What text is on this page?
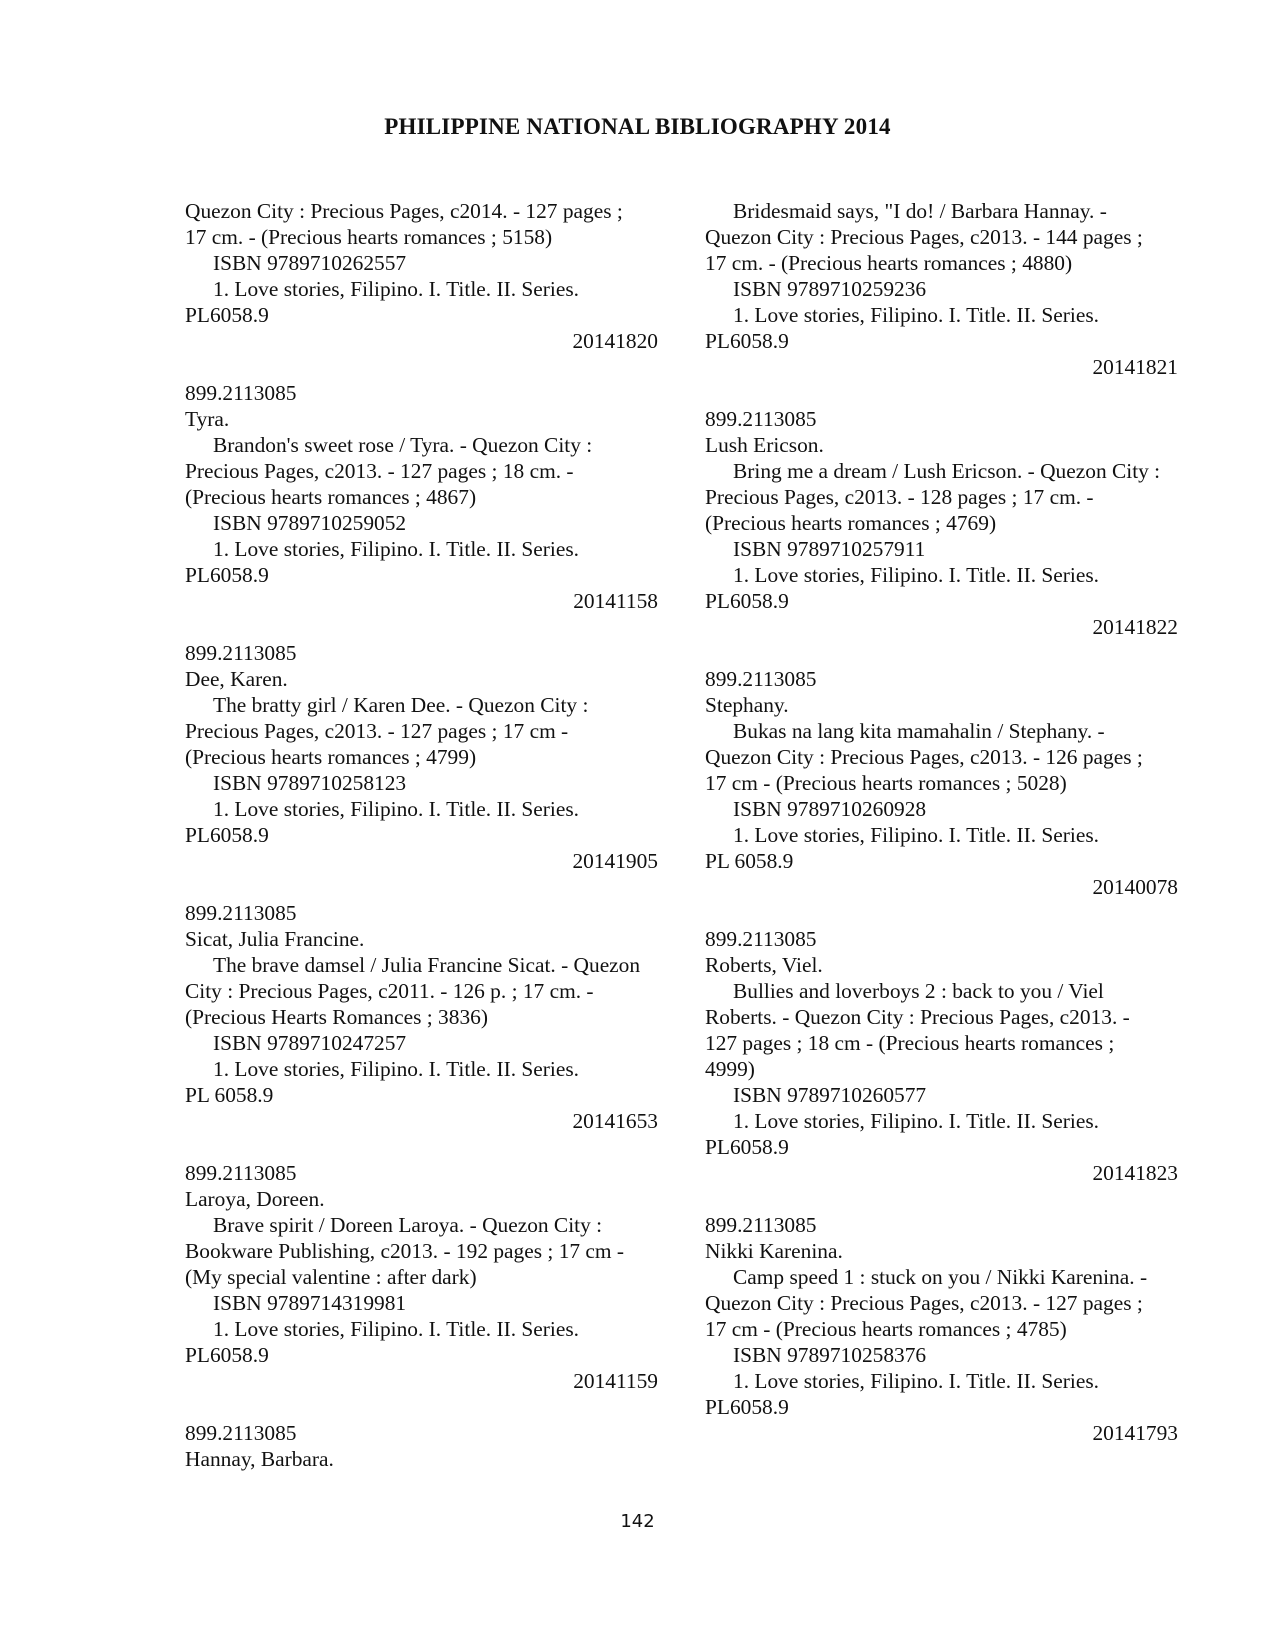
PHILIPPINE NATIONAL BIBLIOGRAPHY 2014
Quezon City : Precious Pages, c2014. - 127 pages ;
17 cm. - (Precious hearts romances ; 5158)
ISBN 9789710262557
1. Love stories, Filipino. I. Title. II. Series.
PL6058.9
20141820
899.2113085
Tyra.
Brandon's sweet rose / Tyra. - Quezon City :
Precious Pages, c2013. - 127 pages ; 18 cm. -
(Precious hearts romances ; 4867)
ISBN 9789710259052
1. Love stories, Filipino. I. Title. II. Series.
PL6058.9
20141158
899.2113085
Dee, Karen.
The bratty girl / Karen Dee. - Quezon City :
Precious Pages, c2013. - 127 pages ; 17 cm -
(Precious hearts romances ; 4799)
ISBN 9789710258123
1. Love stories, Filipino. I. Title. II. Series.
PL6058.9
20141905
899.2113085
Sicat, Julia Francine.
The brave damsel / Julia Francine Sicat. - Quezon
City : Precious Pages, c2011. - 126 p. ; 17 cm. -
(Precious Hearts Romances ; 3836)
ISBN 9789710247257
1. Love stories, Filipino. I. Title. II. Series.
PL 6058.9
20141653
899.2113085
Laroya, Doreen.
Brave spirit / Doreen Laroya. - Quezon City :
Bookware Publishing, c2013. - 192 pages ; 17 cm -
(My special valentine : after dark)
ISBN 9789714319981
1. Love stories, Filipino. I. Title. II. Series.
PL6058.9
20141159
899.2113085
Hannay, Barbara.
Bridesmaid says, "I do! / Barbara Hannay. -
Quezon City : Precious Pages, c2013. - 144 pages ;
17 cm. - (Precious hearts romances ; 4880)
ISBN 9789710259236
1. Love stories, Filipino. I. Title. II. Series.
PL6058.9
20141821
899.2113085
Lush Ericson.
Bring me a dream / Lush Ericson. - Quezon City :
Precious Pages, c2013. - 128 pages ; 17 cm. -
(Precious hearts romances ; 4769)
ISBN 9789710257911
1. Love stories, Filipino. I. Title. II. Series.
PL6058.9
20141822
899.2113085
Stephany.
Bukas na lang kita mamahalin / Stephany. -
Quezon City : Precious Pages, c2013. - 126 pages ;
17 cm - (Precious hearts romances ; 5028)
ISBN 9789710260928
1. Love stories, Filipino. I. Title. II. Series.
PL 6058.9
20140078
899.2113085
Roberts, Viel.
Bullies and loverboys 2 : back to you / Viel
Roberts. - Quezon City : Precious Pages, c2013. -
127 pages ; 18 cm - (Precious hearts romances ;
4999)
ISBN 9789710260577
1. Love stories, Filipino. I. Title. II. Series.
PL6058.9
20141823
899.2113085
Nikki Karenina.
Camp speed 1 : stuck on you / Nikki Karenina. -
Quezon City : Precious Pages, c2013. - 127 pages ;
17 cm - (Precious hearts romances ; 4785)
ISBN 9789710258376
1. Love stories, Filipino. I. Title. II. Series.
PL6058.9
20141793
142
